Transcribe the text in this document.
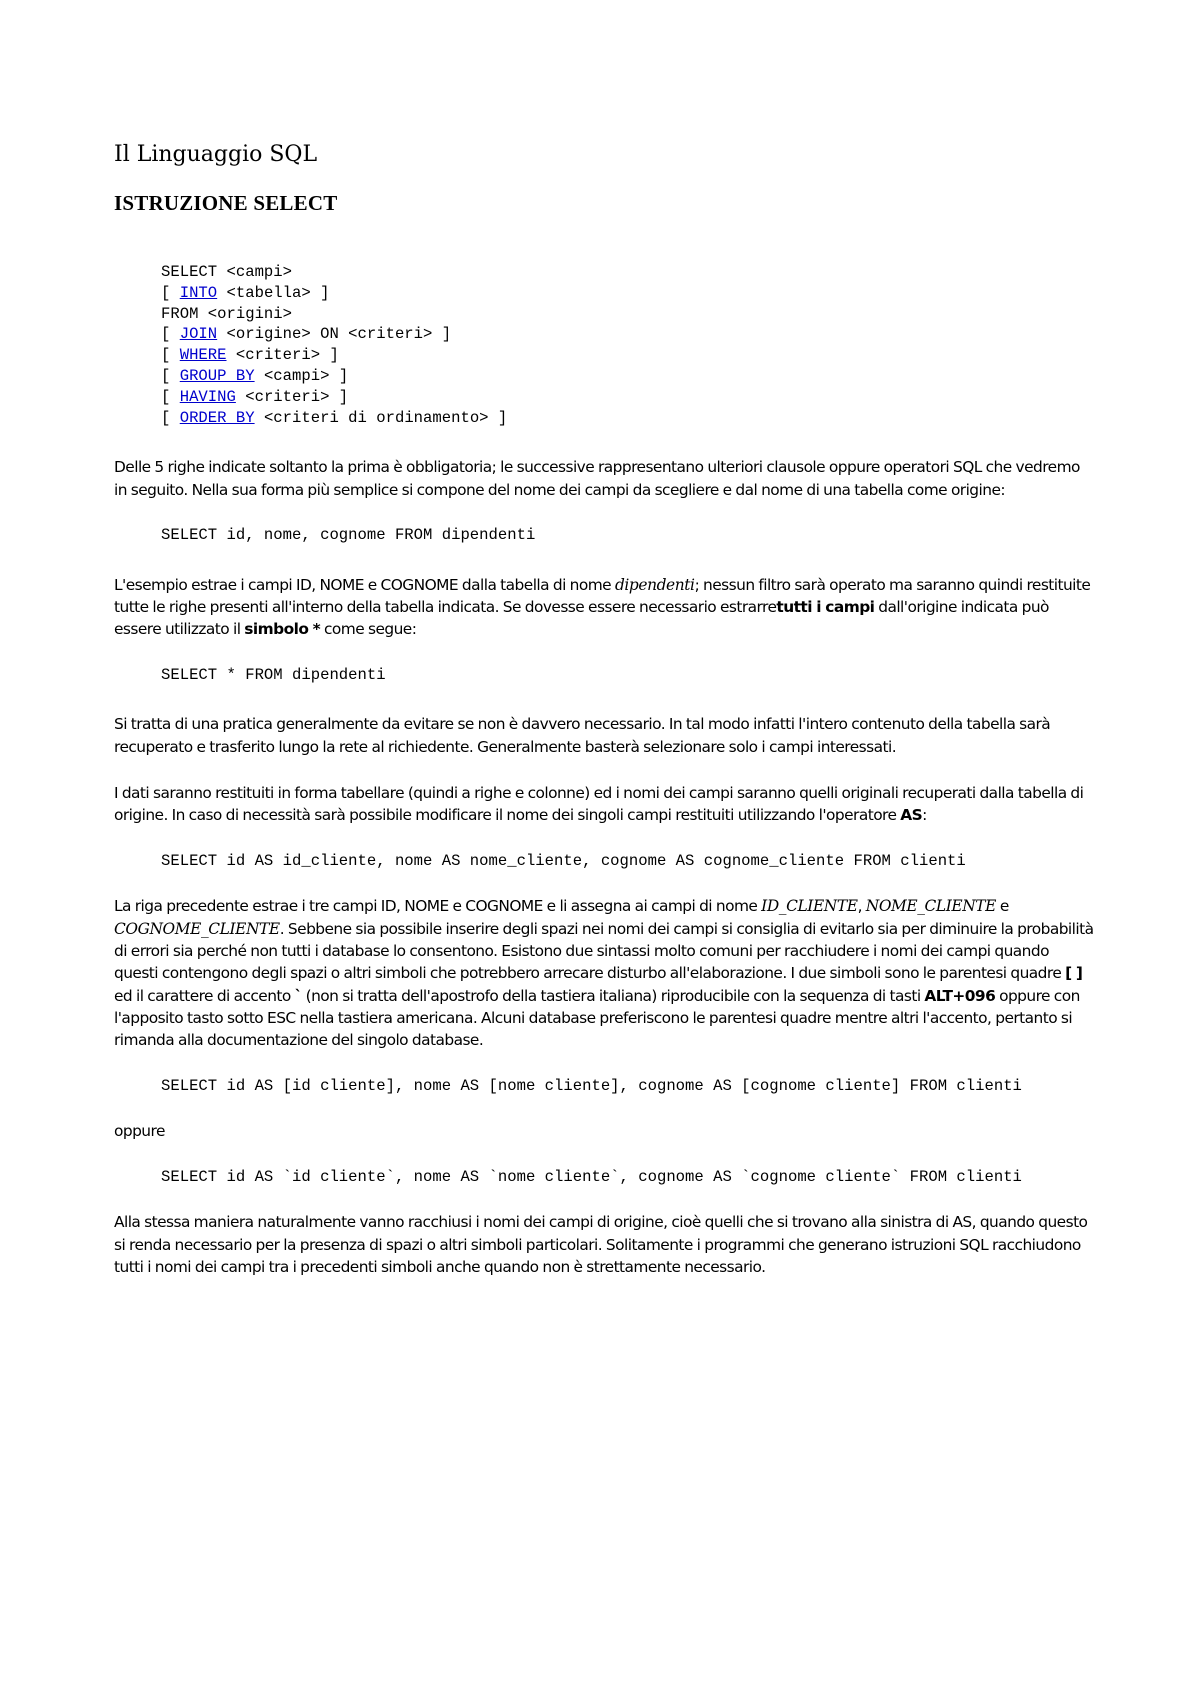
Il Linguaggio SQL
ISTRUZIONE SELECT
SELECT <campi>
[ INTO <tabella> ]
FROM <origini>
[ JOIN <origine> ON <criteri> ]
[ WHERE <criteri> ]
[ GROUP BY <campi> ]
[ HAVING <criteri> ]
[ ORDER BY <criteri di ordinamento> ]

Delle 5 righe indicate soltanto la prima è obbligatoria; le successive rappresentano ulteriori clausole oppure operatori SQL che vedremo in seguito. Nella sua forma più semplice si compone del nome dei campi da scegliere e dal nome di una tabella come origine:

SELECT id, nome, cognome FROM dipendenti

L'esempio estrae i campi ID, NOME e COGNOME dalla tabella di nome dipendenti; nessun filtro sarà operato ma saranno quindi restituite tutte le righe presenti all'interno della tabella indicata. Se dovesse essere necessario estrarretutti i campi dall'origine indicata può essere utilizzato il simbolo * come segue:

SELECT * FROM dipendenti

Si tratta di una pratica generalmente da evitare se non è davvero necessario. In tal modo infatti l'intero contenuto della tabella sarà recuperato e trasferito lungo la rete al richiedente. Generalmente basterà selezionare solo i campi interessati.

I dati saranno restituiti in forma tabellare (quindi a righe e colonne) ed i nomi dei campi saranno quelli originali recuperati dalla tabella di origine. In caso di necessità sarà possibile modificare il nome dei singoli campi restituiti utilizzando l'operatore AS:

SELECT id AS id_cliente, nome AS nome_cliente, cognome AS cognome_cliente FROM clienti

La riga precedente estrae i tre campi ID, NOME e COGNOME e li assegna ai campi di nome ID_CLIENTE, NOME_CLIENTE e COGNOME_CLIENTE. Sebbene sia possibile inserire degli spazi nei nomi dei campi si consiglia di evitarlo sia per diminuire la probabilità di errori sia perché non tutti i database lo consentono. Esistono due sintassi molto comuni per racchiudere i nomi dei campi quando questi contengono degli spazi o altri simboli che potrebbero arrecare disturbo all'elaborazione. I due simboli sono le parentesi quadre [ ] ed il carattere di accento ` (non si tratta dell'apostrofo della tastiera italiana) riproducibile con la sequenza di tasti ALT+096 oppure con l'apposito tasto sotto ESC nella tastiera americana. Alcuni database preferiscono le parentesi quadre mentre altri l'accento, pertanto si rimanda alla documentazione del singolo database.

SELECT id AS [id cliente], nome AS [nome cliente], cognome AS [cognome cliente] FROM clienti

oppure

SELECT id AS `id cliente`, nome AS `nome cliente`, cognome AS `cognome cliente` FROM clienti

Alla stessa maniera naturalmente vanno racchiusi i nomi dei campi di origine, cioè quelli che si trovano alla sinistra di AS, quando questo si renda necessario per la presenza di spazi o altri simboli particolari. Solitamente i programmi che generano istruzioni SQL racchiudono tutti i nomi dei campi tra i precedenti simboli anche quando non è strettamente necessario.
